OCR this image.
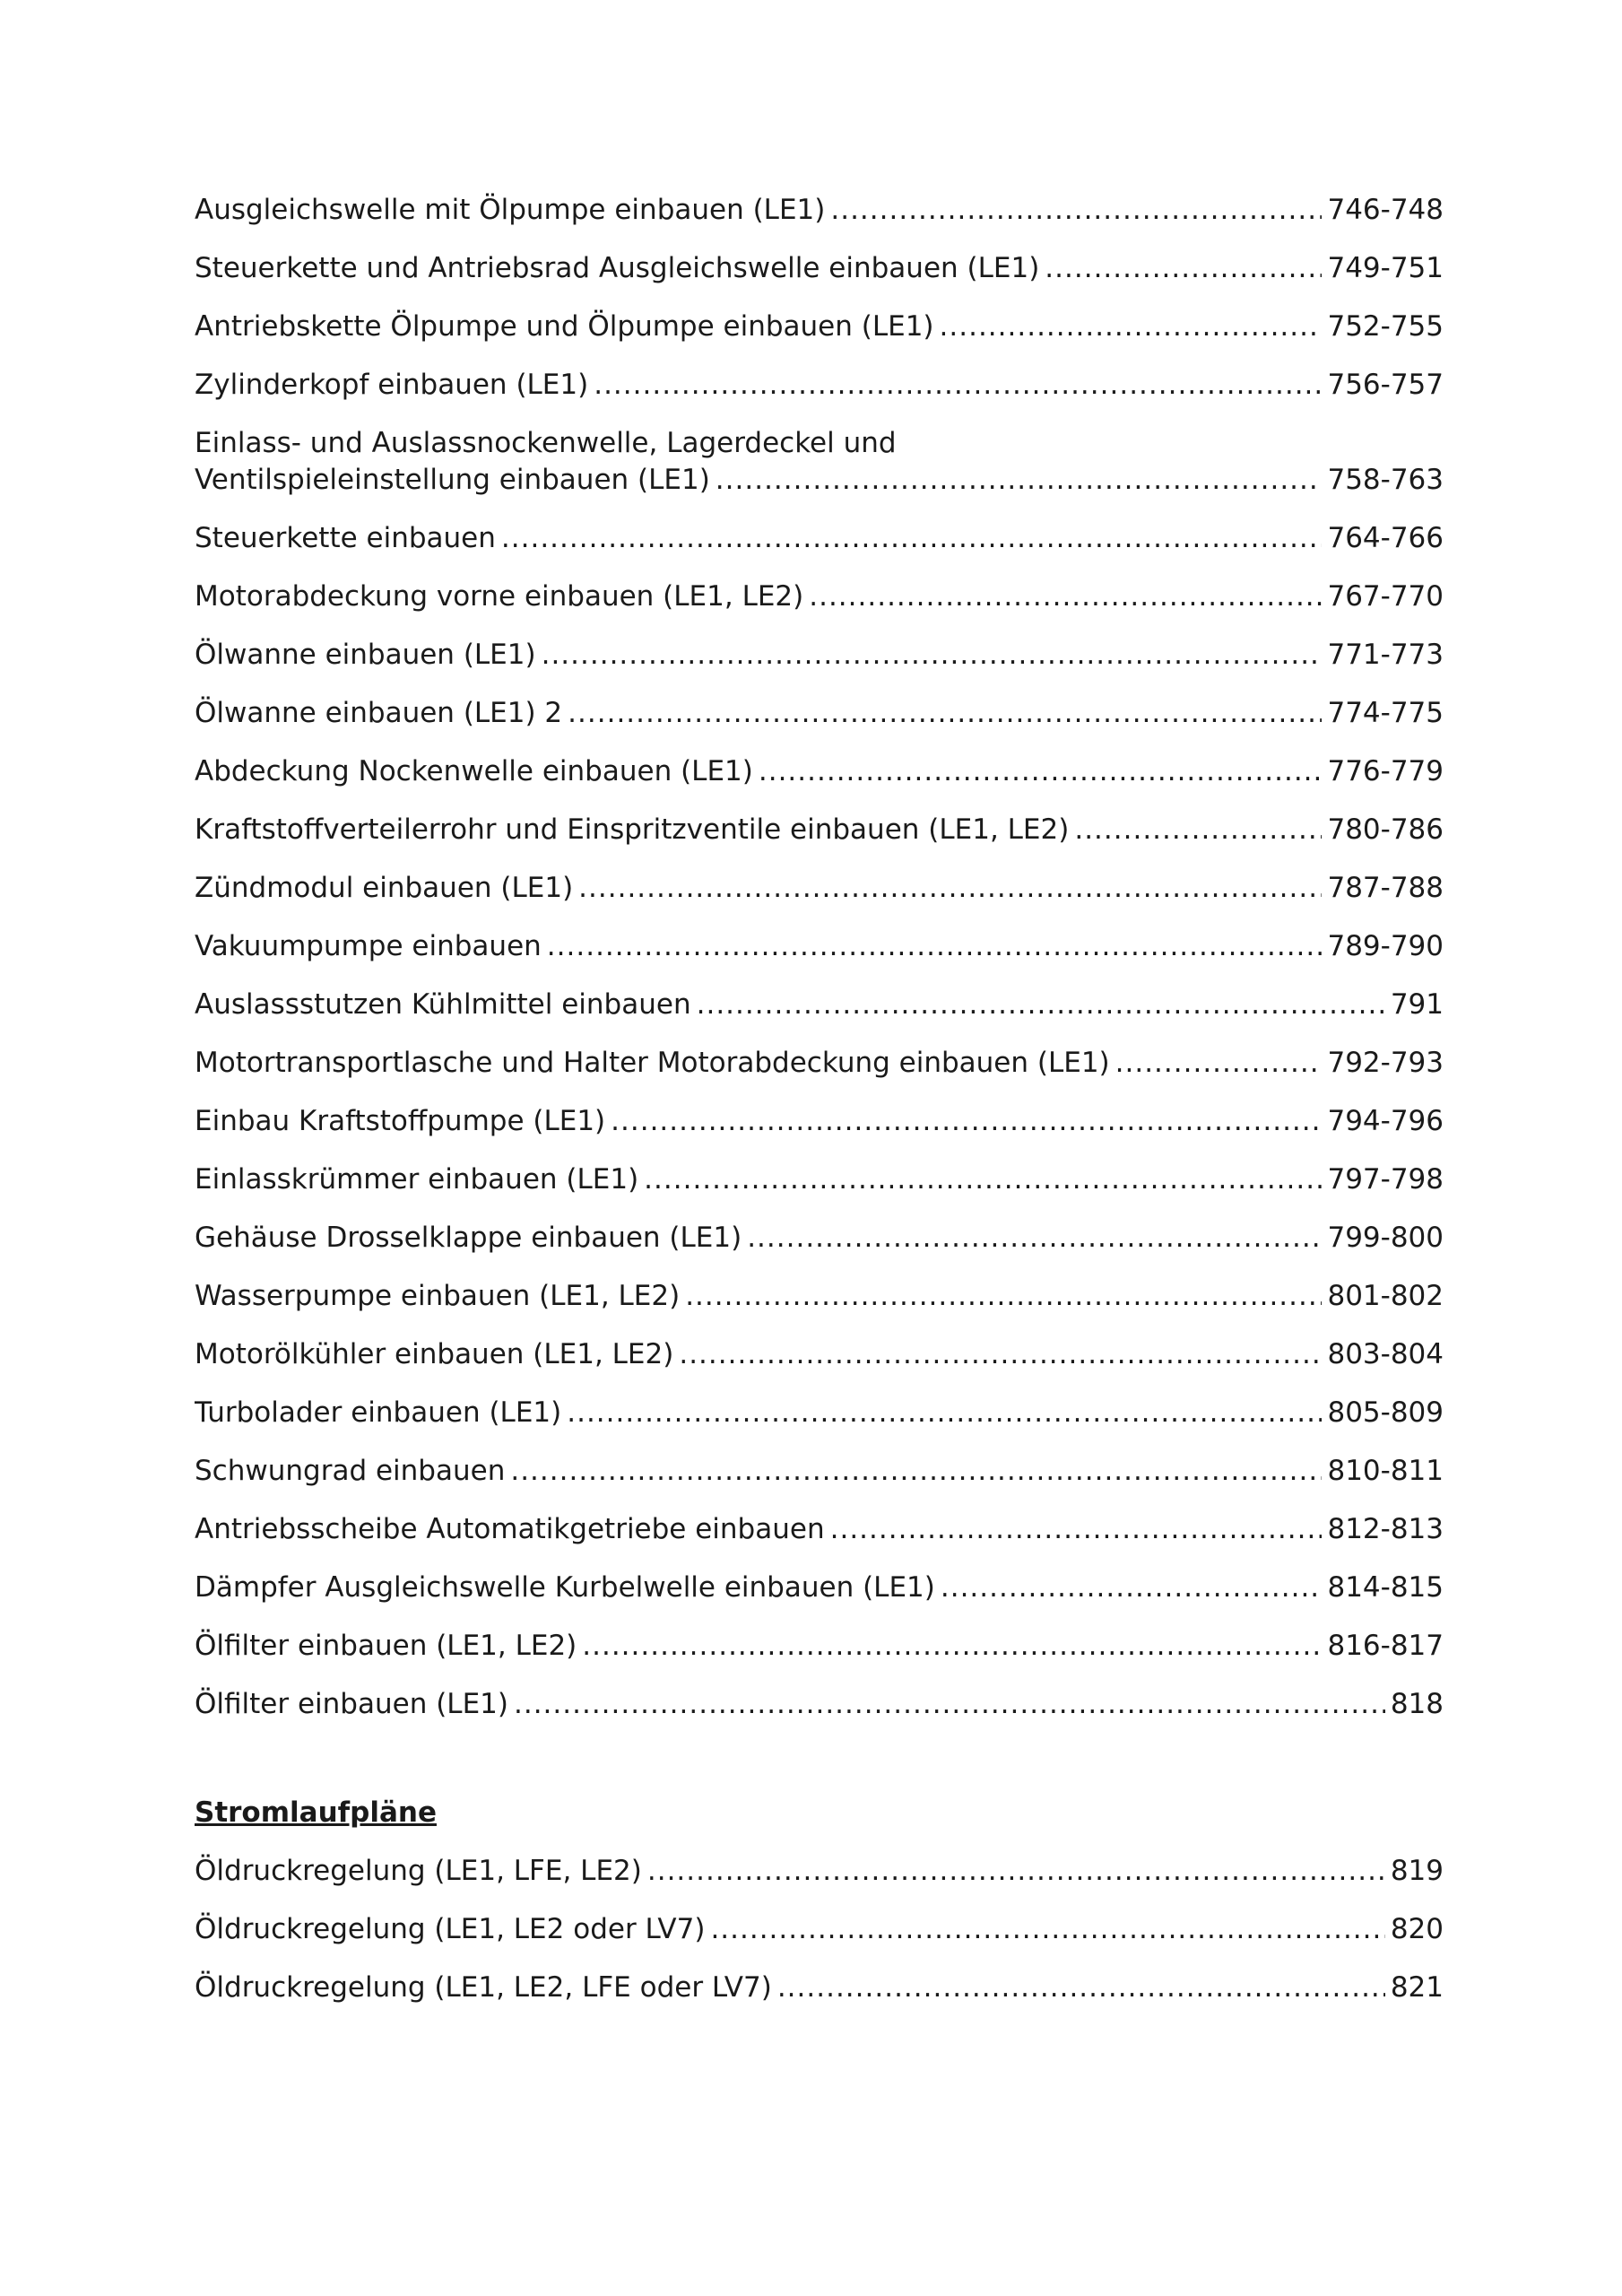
Ausgleichswelle mit Ölpumpe einbauen (LE1) .....	746-748
Steuerkette und Antriebsrad Ausgleichswelle einbauen (LE1) .....	749-751
Antriebskette Ölpumpe und Ölpumpe einbauen (LE1) .....	752-755
Zylinderkopf einbauen (LE1) .....	756-757
Einlass- und Auslassnockenwelle, Lagerdeckel und
Ventilspieleinstellung einbauen (LE1) .....	758-763
Steuerkette einbauen .....	764-766
Motorabdeckung vorne einbauen (LE1, LE2) .....	767-770
Ölwanne einbauen (LE1) .....	771-773
Ölwanne einbauen (LE1) 2 .....	774-775
Abdeckung Nockenwelle einbauen (LE1) .....	776-779
Kraftstoffverteilerrohr und Einspritzventile einbauen (LE1, LE2) .....	780-786
Zündmodul einbauen (LE1) .....	787-788
Vakuumpumpe einbauen .....	789-790
Auslassstutzen Kühlmittel einbauen .....	791
Motortransportlasche und Halter Motorabdeckung einbauen (LE1) .....	792-793
Einbau Kraftstoffpumpe (LE1) .....	794-796
Einlasskrümmer einbauen (LE1) .....	797-798
Gehäuse Drosselklappe einbauen (LE1) .....	799-800
Wasserpumpe einbauen (LE1, LE2) .....	801-802
Motorölkühler einbauen (LE1, LE2) .....	803-804
Turbolader einbauen (LE1) .....	805-809
Schwungrad einbauen .....	810-811
Antriebsscheibe Automatikgetriebe einbauen .....	812-813
Dämpfer Ausgleichswelle Kurbelwelle einbauen (LE1) .....	814-815
Ölfilter einbauen (LE1, LE2) .....	816-817
Ölfilter einbauen (LE1) .....	818
Stromlaufpläne
Öldruckregelung (LE1, LFE, LE2) .....	819
Öldruckregelung (LE1, LE2 oder LV7) .....	820
Öldruckregelung (LE1, LE2, LFE oder LV7) .....	821
